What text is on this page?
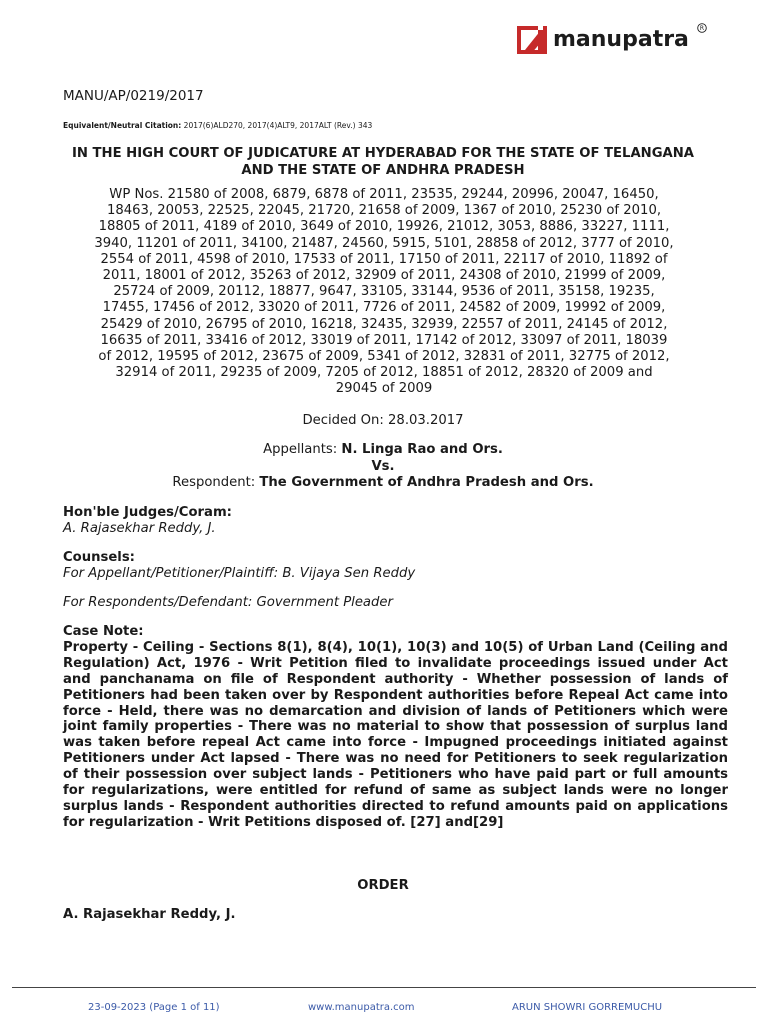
manupatra R
MANU/AP/0219/2017
Equivalent/Neutral Citation: 2017(6)ALD270, 2017(4)ALT9, 2017ALT (Rev.) 343
IN THE HIGH COURT OF JUDICATURE AT HYDERABAD FOR THE STATE OF TELANGANA AND THE STATE OF ANDHRA PRADESH
WP Nos. 21580 of 2008, 6879, 6878 of 2011, 23535, 29244, 20996, 20047, 16450,
18463, 20053, 22525, 22045, 21720, 21658 of 2009, 1367 of 2010, 25230 of 2010,
18805 of 2011, 4189 of 2010, 3649 of 2010, 19926, 21012, 3053, 8886, 33227, 1111,
3940, 11201 of 2011, 34100, 21487, 24560, 5915, 5101, 28858 of 2012, 3777 of 2010,
2554 of 2011, 4598 of 2010, 17533 of 2011, 17150 of 2011, 22117 of 2010, 11892 of
2011, 18001 of 2012, 35263 of 2012, 32909 of 2011, 24308 of 2010, 21999 of 2009,
25724 of 2009, 20112, 18877, 9647, 33105, 33144, 9536 of 2011, 35158, 19235,
17455, 17456 of 2012, 33020 of 2011, 7726 of 2011, 24582 of 2009, 19992 of 2009,
25429 of 2010, 26795 of 2010, 16218, 32435, 32939, 22557 of 2011, 24145 of 2012,
16635 of 2011, 33416 of 2012, 33019 of 2011, 17142 of 2012, 33097 of 2011, 18039
of 2012, 19595 of 2012, 23675 of 2009, 5341 of 2012, 32831 of 2011, 32775 of 2012,
32914 of 2011, 29235 of 2009, 7205 of 2012, 18851 of 2012, 28320 of 2009 and
29045 of 2009
Decided On: 28.03.2017
Appellants: N. Linga Rao and Ors.
Vs.
Respondent: The Government of Andhra Pradesh and Ors.
Hon'ble Judges/Coram:
A. Rajasekhar Reddy, J.
Counsels:
For Appellant/Petitioner/Plaintiff: B. Vijaya Sen Reddy
For Respondents/Defendant: Government Pleader
Case Note:
Property - Ceiling - Sections 8(1), 8(4), 10(1), 10(3) and 10(5) of Urban Land (Ceiling and Regulation) Act, 1976 - Writ Petition filed to invalidate proceedings issued under Act and panchanama on file of Respondent authority - Whether possession of lands of Petitioners had been taken over by Respondent authorities before Repeal Act came into force - Held, there was no demarcation and division of lands of Petitioners which were joint family properties - There was no material to show that possession of surplus land was taken before repeal Act came into force - Impugned proceedings initiated against Petitioners under Act lapsed - There was no need for Petitioners to seek regularization of their possession over subject lands - Petitioners who have paid part or full amounts for regularizations, were entitled for refund of same as subject lands were no longer surplus lands - Respondent authorities directed to refund amounts paid on applications for regularization - Writ Petitions disposed of. [27] and[29]
ORDER
A. Rajasekhar Reddy, J.
23-09-2023 (Page 1 of 11)	www.manupatra.com	ARUN SHOWRI GORREMUCHU
